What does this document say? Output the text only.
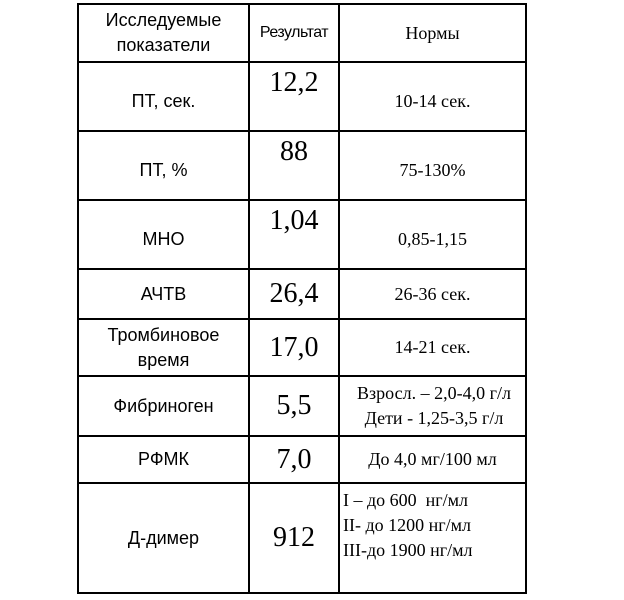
Исследуемые показатели	Результат	Нормы
ПТ, сек.	12,2	10-14 сек.
ПТ, %	88	75-130%
МНО	1,04	0,85-1,15
АЧТВ	26,4	26-36 сек.
Тромбиновое время	17,0	14-21 сек.
Фибриноген	5,5	Взросл. – 2,0-4,0 г/л
Дети - 1,25-3,5 г/л

РФМК	7,0	До 4,0 мг/100 мл
Д-димер	912	I – до 600  нг/мл
II- до 1200 нг/мл
III-до 1900 нг/мл
